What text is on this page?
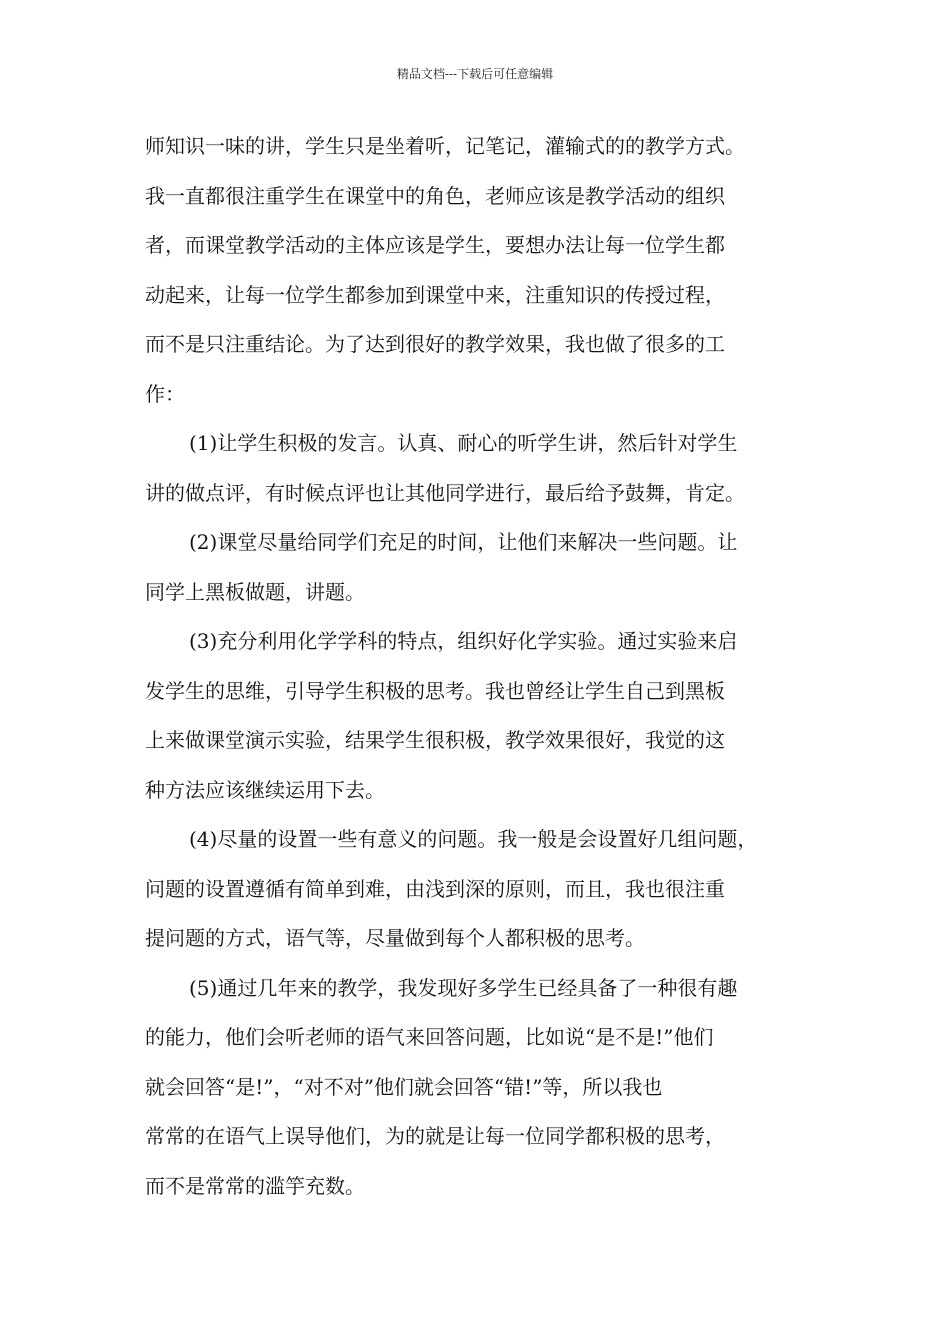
精品文档---下载后可任意编辑
师知识一味的讲，学生只是坐着听，记笔记，灌输式的的教学方式。
我一直都很注重学生在课堂中的角色，老师应该是教学活动的组织
者，而课堂教学活动的主体应该是学生，要想办法让每一位学生都
动起来，让每一位学生都参加到课堂中来，注重知识的传授过程，
而不是只注重结论。为了达到很好的教学效果，我也做了很多的工
作：
(1)让学生积极的发言。认真、耐心的听学生讲，然后针对学生
讲的做点评，有时候点评也让其他同学进行，最后给予鼓舞，肯定。
(2)课堂尽量给同学们充足的时间，让他们来解决一些问题。让
同学上黑板做题，讲题。
(3)充分利用化学学科的特点，组织好化学实验。通过实验来启
发学生的思维，引导学生积极的思考。我也曾经让学生自己到黑板
上来做课堂演示实验，结果学生很积极，教学效果很好，我觉的这
种方法应该继续运用下去。
(4)尽量的设置一些有意义的问题。我一般是会设置好几组问题，
问题的设置遵循有简单到难，由浅到深的原则，而且，我也很注重
提问题的方式，语气等，尽量做到每个人都积极的思考。
(5)通过几年来的教学，我发现好多学生已经具备了一种很有趣
的能力，他们会听老师的语气来回答问题，比如说“是不是!”他们
就会回答“是!”，“对不对”他们就会回答“错!”等，所以我也
常常的在语气上误导他们，为的就是让每一位同学都积极的思考，
而不是常常的滥竽充数。
